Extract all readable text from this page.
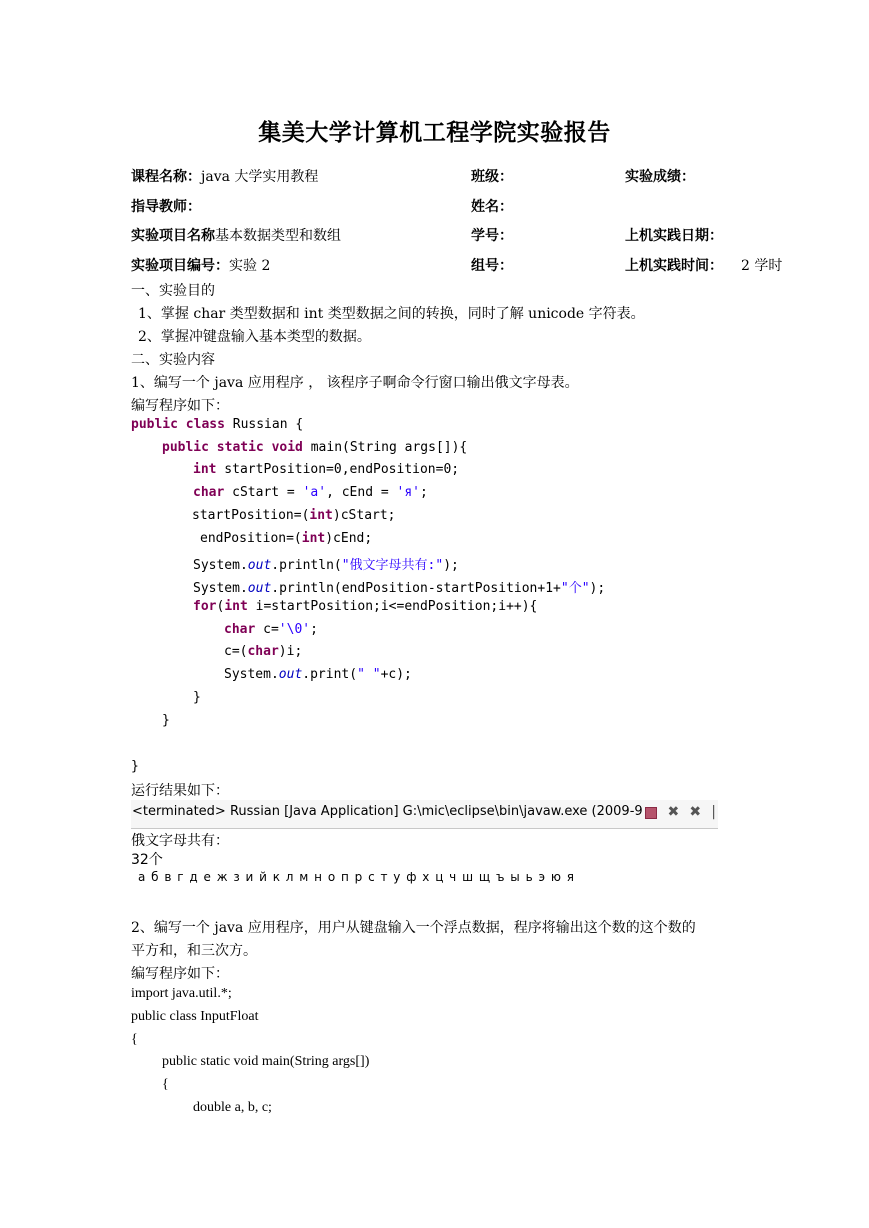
集美大学计算机工程学院实验报告
课程名称：java 大学实用教程	班级：	实验成绩：
指导教师：	姓名：
实验项目名称基本数据类型和数组	学号：	上机实践日期：
实验项目编号：实验 2	组号：	上机实践时间： 2 学时
一、实验目的
1、掌握 char 类型数据和 int 类型数据之间的转换，同时了解 unicode 字符表。
2、掌握冲键盘输入基本类型的数据。
二、实验内容
1、编写一个 java 应用程序 ， 该程序子啊命令行窗口输出俄文字母表。
编写程序如下：
public class Russian {
public static void main(String args[]){
int startPosition=0,endPosition=0;
char cStart = 'a', cEnd = 'я';
startPosition=(int)cStart;
endPosition=(int)cEnd;
System.out.println("俄文字母共有:");
System.out.println(endPosition-startPosition+1+"个");
for(int i=startPosition;i<=endPosition;i++){
char c='\0';
c=(char)i;
System.out.print(" "+c);
}
}
}
运行结果如下：
<terminated> Russian [Java Application] G:\mic\eclipse\bin\javaw.exe (2009-9	✖ ✖ |
俄文字母共有：
32个
а б в г д е ж з и й к л м н о п р с т у ф х ц ч ш щ ъ ы ь э ю я
2、编写一个 java 应用程序，用户从键盘输入一个浮点数据，程序将输出这个数的这个数的
平方和，和三次方。
编写程序如下：
import java.util.*;
public class InputFloat
{
public static void main(String args[])
{
double a, b, c;
